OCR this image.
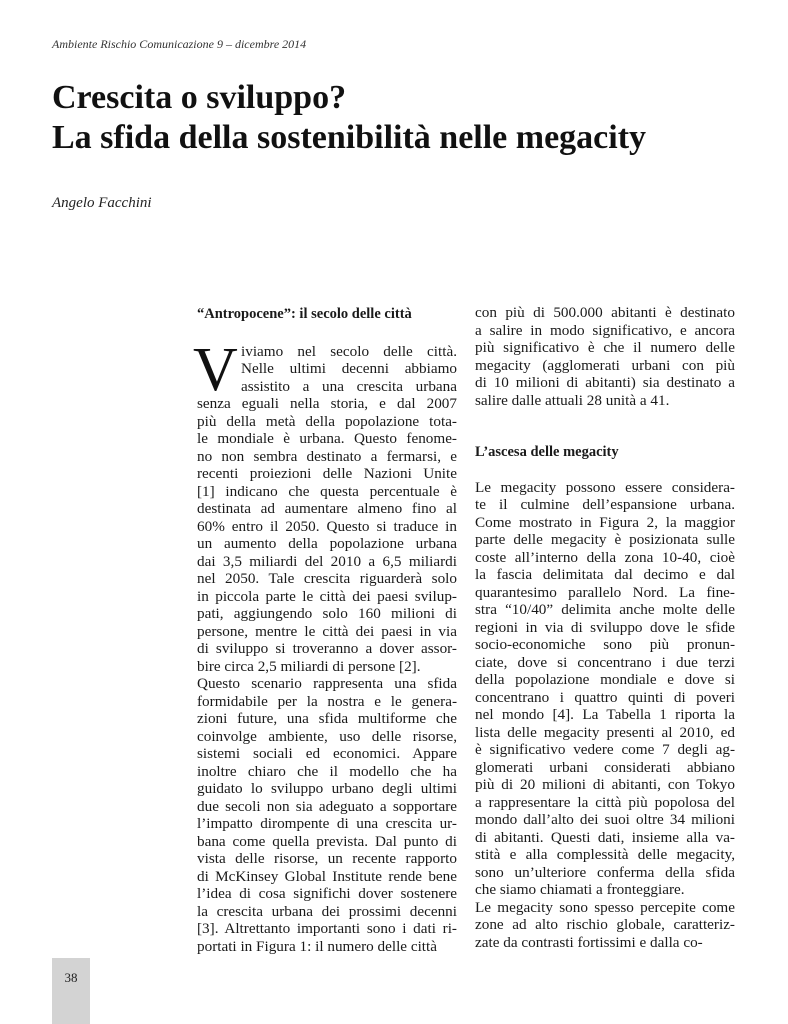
Ambiente Rischio Comunicazione 9 – dicembre 2014
Crescita o sviluppo?
La sfida della sostenibilità nelle megacity
Angelo Facchini
“Antropocene”: il secolo delle città
V iviamo nel secolo delle città.
Nelle ultimi decenni abbiamo
assistito a una crescita urbana
senza eguali nella storia, e dal 2007
più della metà della popolazione tota-
le mondiale è urbana. Questo fenome-
no non sembra destinato a fermarsi, e
recenti proiezioni delle Nazioni Unite
[1] indicano che questa percentuale è
destinata ad aumentare almeno fino al
60% entro il 2050. Questo si traduce in
un aumento della popolazione urbana
dai 3,5 miliardi del 2010 a 6,5 miliardi
nel 2050. Tale crescita riguarderà solo
in piccola parte le città dei paesi svilup-
pati, aggiungendo solo 160 milioni di
persone, mentre le città dei paesi in via
di sviluppo si troveranno a dover assor-
bire circa 2,5 miliardi di persone [2].
Questo scenario rappresenta una sfida
formidabile per la nostra e le genera-
zioni future, una sfida multiforme che
coinvolge ambiente, uso delle risorse,
sistemi sociali ed economici. Appare
inoltre chiaro che il modello che ha
guidato lo sviluppo urbano degli ultimi
due secoli non sia adeguato a sopportare
l’impatto dirompente di una crescita ur-
bana come quella prevista. Dal punto di
vista delle risorse, un recente rapporto
di McKinsey Global Institute rende bene
l’idea di cosa significhi dover sostenere
la crescita urbana dei prossimi decenni
[3]. Altrettanto importanti sono i dati ri-
portati in Figura 1: il numero delle città
con più di 500.000 abitanti è destinato
a salire in modo significativo, e ancora
più significativo è che il numero delle
megacity (agglomerati urbani con più
di 10 milioni di abitanti) sia destinato a
salire dalle attuali 28 unità a 41.
L’ascesa delle megacity
Le megacity possono essere considera-
te il culmine dell’espansione urbana.
Come mostrato in Figura 2, la maggior
parte delle megacity è posizionata sulle
coste all’interno della zona 10-40, cioè
la fascia delimitata dal decimo e dal
quarantesimo parallelo Nord. La fine-
stra “10/40” delimita anche molte delle
regioni in via di sviluppo dove le sfide
socio-economiche sono più pronun-
ciate, dove si concentrano i due terzi
della popolazione mondiale e dove si
concentrano i quattro quinti di poveri
nel mondo [4]. La Tabella 1 riporta la
lista delle megacity presenti al 2010, ed
è significativo vedere come 7 degli ag-
glomerati urbani considerati abbiano
più di 20 milioni di abitanti, con Tokyo
a rappresentare la città più popolosa del
mondo dall’alto dei suoi oltre 34 milioni
di abitanti. Questi dati, insieme alla va-
stità e alla complessità delle megacity,
sono un’ulteriore conferma della sfida
che siamo chiamati a fronteggiare.
Le megacity sono spesso percepite come
zone ad alto rischio globale, caratteriz-
zate da contrasti fortissimi e dalla co-
38
